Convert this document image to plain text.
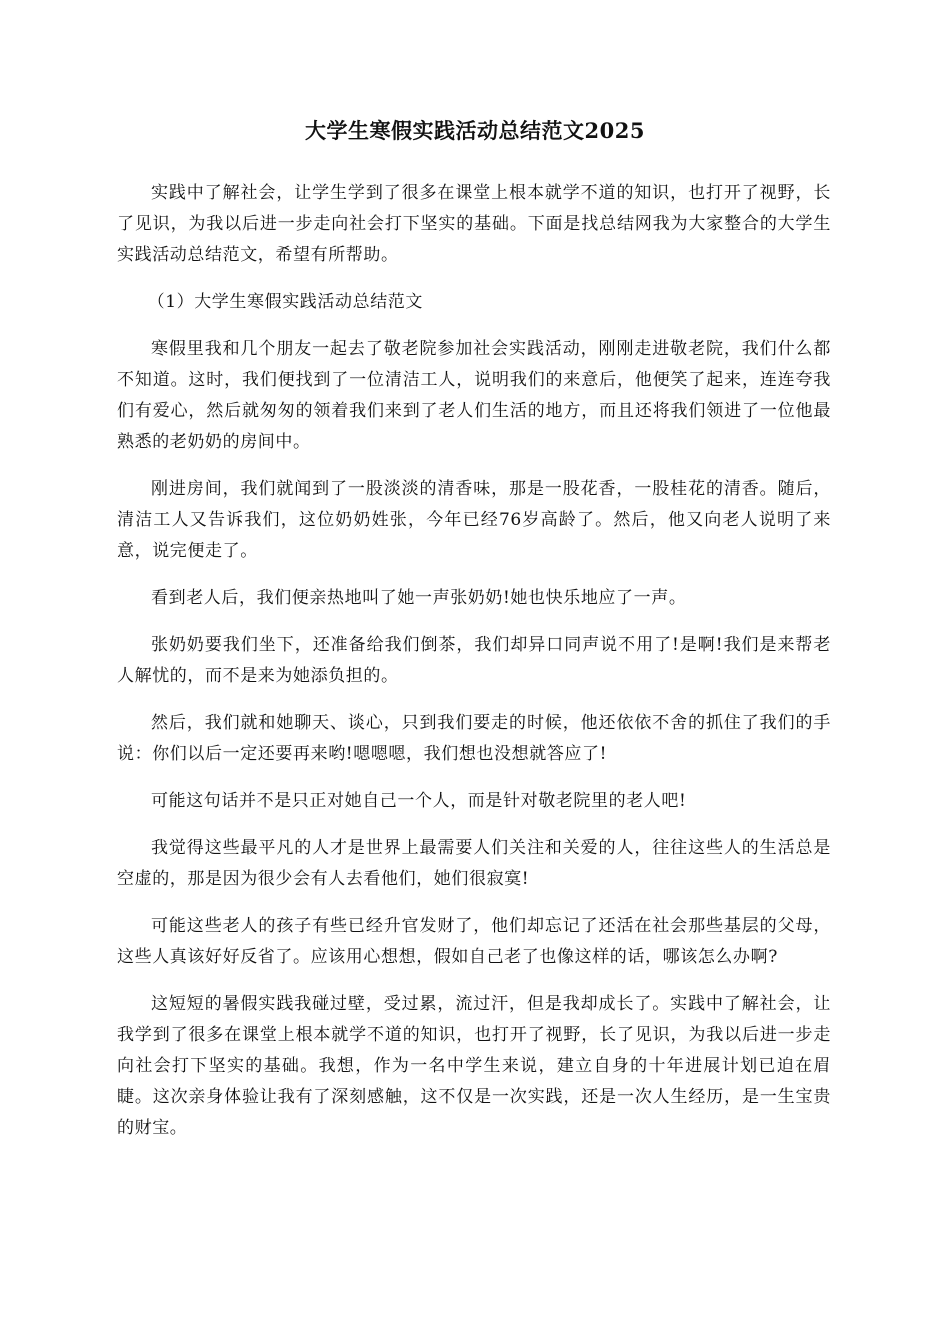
大学生寒假实践活动总结范文2025

实践中了解社会，让学生学到了很多在课堂上根本就学不道的知识，也打开了视野，长了见识，为我以后进一步走向社会打下坚实的基础。下面是找总结网我为大家整合的大学生实践活动总结范文，希望有所帮助。

（1）大学生寒假实践活动总结范文

寒假里我和几个朋友一起去了敬老院参加社会实践活动，刚刚走进敬老院，我们什么都不知道。这时，我们便找到了一位清洁工人，说明我们的来意后，他便笑了起来，连连夸我们有爱心，然后就匆匆的领着我们来到了老人们生活的地方，而且还将我们领进了一位他最熟悉的老奶奶的房间中。

刚进房间，我们就闻到了一股淡淡的清香味，那是一股花香，一股桂花的清香。随后，清洁工人又告诉我们，这位奶奶姓张，今年已经76岁高龄了。然后，他又向老人说明了来意，说完便走了。

看到老人后，我们便亲热地叫了她一声张奶奶!她也快乐地应了一声。

张奶奶要我们坐下，还准备给我们倒茶，我们却异口同声说不用了!是啊!我们是来帮老人解忧的，而不是来为她添负担的。

然后，我们就和她聊天、谈心，只到我们要走的时候，他还依依不舍的抓住了我们的手说：你们以后一定还要再来哟!嗯嗯嗯，我们想也没想就答应了!

可能这句话并不是只正对她自己一个人，而是针对敬老院里的老人吧!

我觉得这些最平凡的人才是世界上最需要人们关注和关爱的人，往往这些人的生活总是空虚的，那是因为很少会有人去看他们，她们很寂寞!

可能这些老人的孩子有些已经升官发财了，他们却忘记了还活在社会那些基层的父母，这些人真该好好反省了。应该用心想想，假如自己老了也像这样的话，哪该怎么办啊?

这短短的暑假实践我碰过壁，受过累，流过汗，但是我却成长了。实践中了解社会，让我学到了很多在课堂上根本就学不道的知识，也打开了视野，长了见识，为我以后进一步走向社会打下坚实的基础。我想，作为一名中学生来说，建立自身的十年进展计划已迫在眉睫。这次亲身体验让我有了深刻感触，这不仅是一次实践，还是一次人生经历，是一生宝贵的财宝。
